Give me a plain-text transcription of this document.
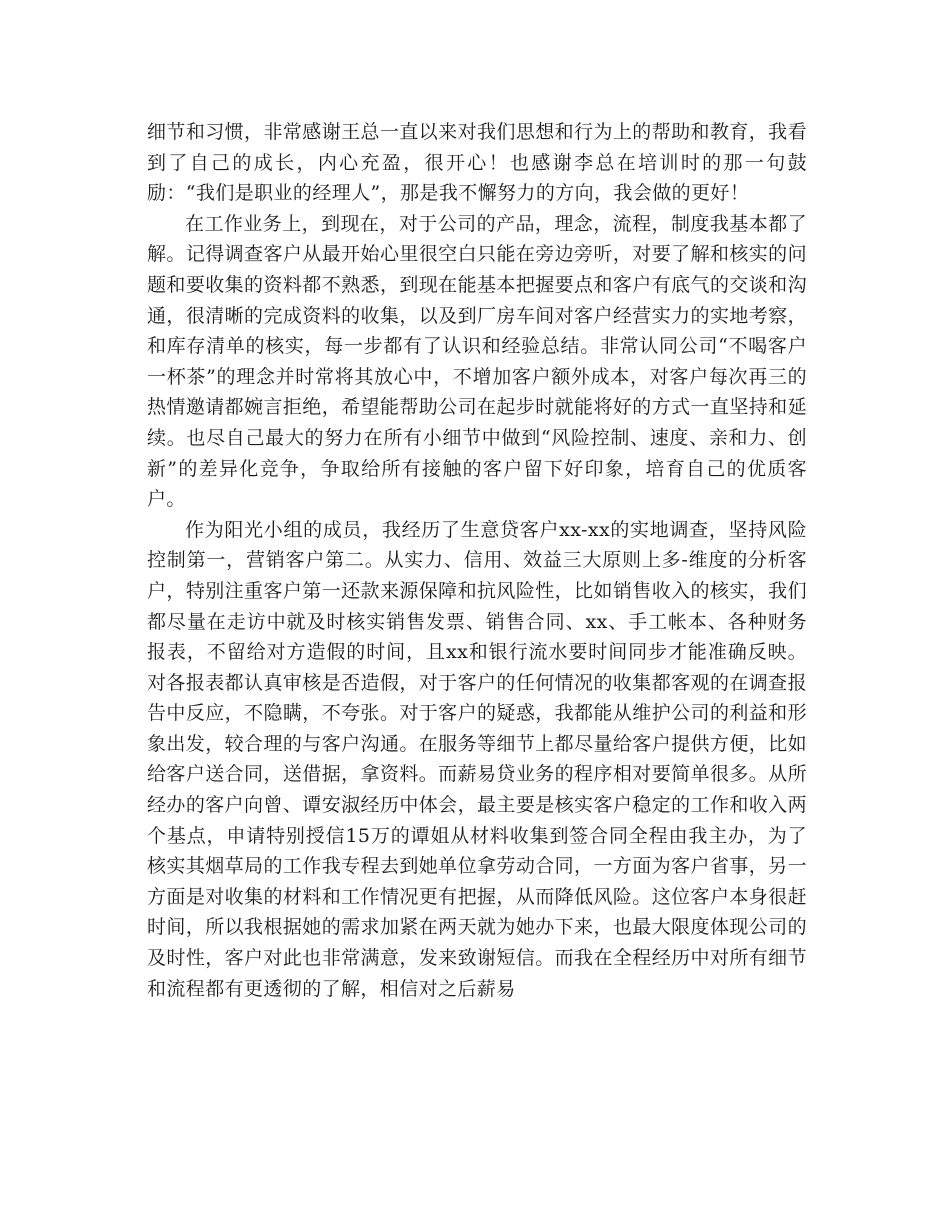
细节和习惯，非常感谢王总一直以来对我们思想和行为上的帮助和教育，我看到了自己的成长，内心充盈，很开心！也感谢李总在培训时的那一句鼓励：“我们是职业的经理人”，那是我不懈努力的方向，我会做的更好！

在工作业务上，到现在，对于公司的产品，理念，流程，制度我基本都了解。记得调查客户从最开始心里很空白只能在旁边旁听，对要了解和核实的问题和要收集的资料都不熟悉，到现在能基本把握要点和客户有底气的交谈和沟通，很清晰的完成资料的收集，以及到厂房车间对客户经营实力的实地考察，和库存清单的核实，每一步都有了认识和经验总结。非常认同公司“不喝客户一杯茶”的理念并时常将其放心中，不增加客户额外成本，对客户每次再三的热情邀请都婉言拒绝，希望能帮助公司在起步时就能将好的方式一直坚持和延续。也尽自己最大的努力在所有小细节中做到“风险控制、速度、亲和力、创新”的差异化竞争，争取给所有接触的客户留下好印象，培育自己的优质客户。

作为阳光小组的成员，我经历了生意贷客户xx-xx的实地调查，坚持风险控制第一，营销客户第二。从实力、信用、效益三大原则上多-维度的分析客户，特别注重客户第一还款来源保障和抗风险性，比如销售收入的核实，我们都尽量在走访中就及时核实销售发票、销售合同、xx、手工帐本、各种财务报表，不留给对方造假的时间，且xx和银行流水要时间同步才能准确反映。对各报表都认真审核是否造假，对于客户的任何情况的收集都客观的在调查报告中反应，不隐瞒，不夸张。对于客户的疑惑，我都能从维护公司的利益和形象出发，较合理的与客户沟通。在服务等细节上都尽量给客户提供方便，比如给客户送合同，送借据，拿资料。而薪易贷业务的程序相对要简单很多。从所经办的客户向曾、谭安淑经历中体会，最主要是核实客户稳定的工作和收入两个基点，申请特别授信15万的谭姐从材料收集到签合同全程由我主办，为了核实其烟草局的工作我专程去到她单位拿劳动合同，一方面为客户省事，另一方面是对收集的材料和工作情况更有把握，从而降低风险。这位客户本身很赶时间，所以我根据她的需求加紧在两天就为她办下来，也最大限度体现公司的及时性，客户对此也非常满意，发来致谢短信。而我在全程经历中对所有细节和流程都有更透彻的了解，相信对之后薪易
